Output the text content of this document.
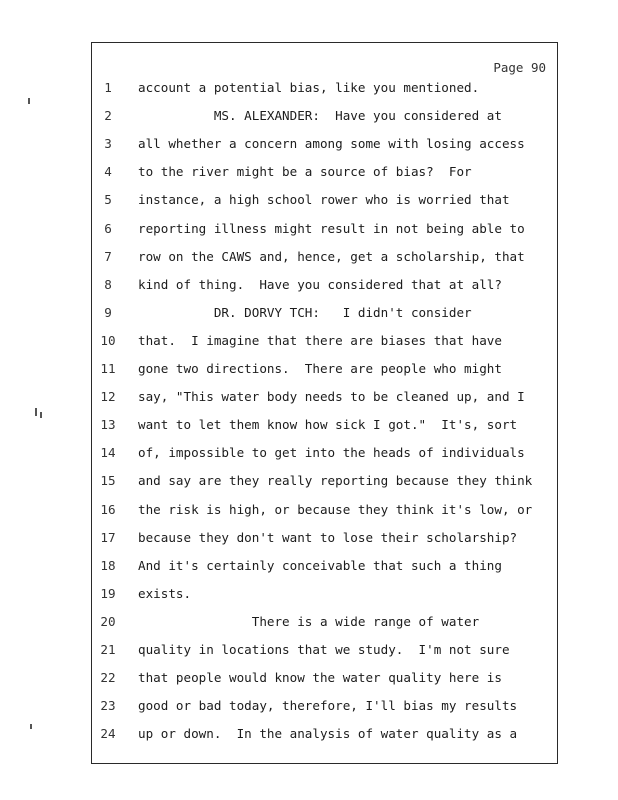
Page 90
1	account a potential bias, like you mentioned.
2	MS. ALEXANDER:  Have you considered at
3	all whether a concern among some with losing access
4	to the river might be a source of bias?  For
5	instance, a high school rower who is worried that
6	reporting illness might result in not being able to
7	row on the CAWS and, hence, get a scholarship, that
8	kind of thing.  Have you considered that at all?
9	DR. DORVY TCH:   I didn't consider
10	that.  I imagine that there are biases that have
11	gone two directions.  There are people who might
12	say, "This water body needs to be cleaned up, and I
13	want to let them know how sick I got."  It's, sort
14	of, impossible to get into the heads of individuals
15	and say are they really reporting because they think
16	the risk is high, or because they think it's low, or
17	because they don't want to lose their scholarship?
18	And it's certainly conceivable that such a thing
19	exists.
20	There is a wide range of water
21	quality in locations that we study.  I'm not sure
22	that people would know the water quality here is
23	good or bad today, therefore, I'll bias my results
24	up or down.  In the analysis of water quality as a
